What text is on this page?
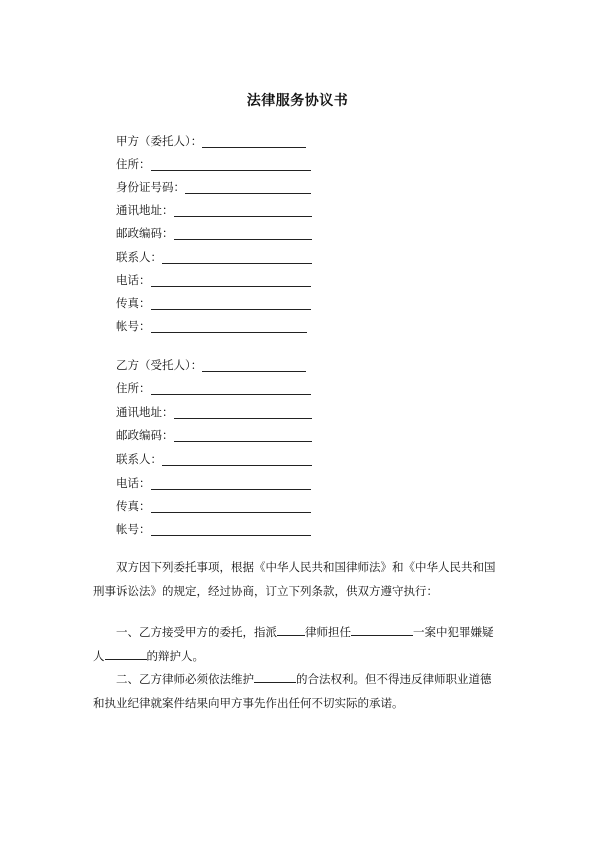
法律服务协议书
甲方（委托人）：
住所：
身份证号码：
通讯地址：
邮政编码：
联系人：
电话：
传真：
帐号：
乙方（受托人）：
住所：
通讯地址：
邮政编码：
联系人：
电话：
传真：
帐号：
双方因下列委托事项，根据《中华人民共和国律师法》和《中华人民共和国
刑事诉讼法》的规定，经过协商，订立下列条款，供双方遵守执行：
一、乙方接受甲方的委托，指派 律师担任	一案中犯罪嫌疑
人	的辩护人。
二、乙方律师必须依法维护	的合法权利。但不得违反律师职业道德
和执业纪律就案件结果向甲方事先作出任何不切实际的承诺。
